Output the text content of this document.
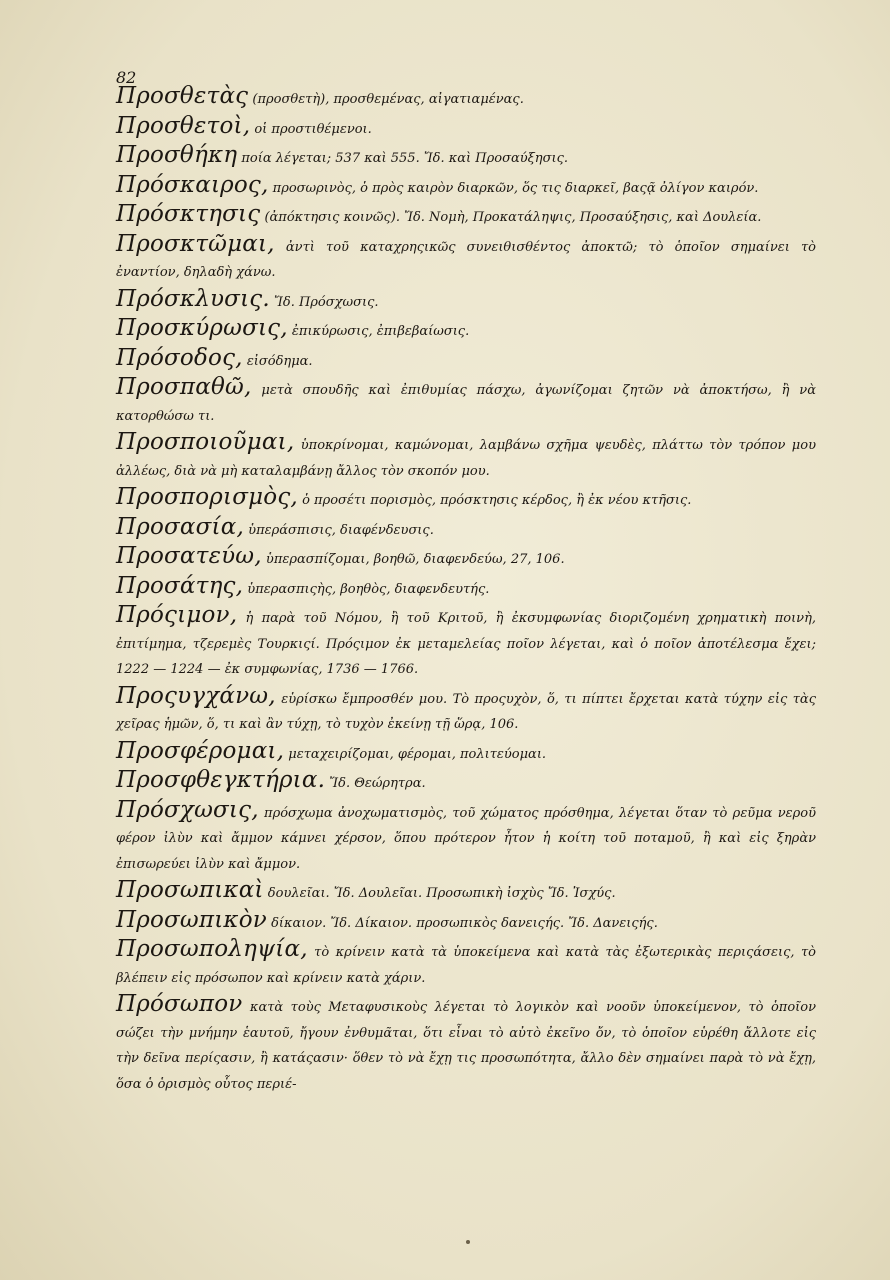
82

Προσθετὰς (προσθετὴ), προσθεμένας, αἰγατιαμένας.

Προσθετοὶ, οἱ προστιθέμενοι.

Προσθήκη ποία λέγεται; 537 καὶ 555. Ἴδ. καὶ Προσαύξησις.

Πρόσκαιρος, προσωρινὸς, ὁ πρὸς καιρὸν διαρκῶν, ὅς τις διαρκεῖ, βαςᾷ ὀλίγον καιρόν.

Πρόσκτησις (ἀπόκτησις κοινῶς). Ἴδ. Νομὴ, Προκατάληψις, Προσαύξησις, καὶ Δουλεία.

Προσκτῶμαι, ἀντὶ τοῦ καταχρηςικῶς συνειθισθέντος ἀποκτῶ; τὸ ὁποῖον σημαίνει τὸ ἐναντίον, δηλαδὴ χάνω.

Πρόσκλυσις. Ἴδ. Πρόσχωσις.

Προσκύρωσις, ἐπικύρωσις, ἐπιβεβαίωσις.

Πρόσοδος, εἰσόδημα.

Προσπαθῶ, μετὰ σπουδῆς καὶ ἐπιθυμίας πάσχω, ἀγωνίζομαι ζητῶν νὰ ἀποκτήσω, ἢ νὰ κατορθώσω τι.

Προσποιοῦμαι, ὑποκρίνομαι, καμώνομαι, λαμβάνω σχῆμα ψευδὲς, πλάττω τὸν τρόπον μου ἀλλέως, διὰ νὰ μὴ καταλαμβάνῃ ἄλλος τὸν σκοπόν μου.

Προσπορισμὸς, ὁ προσέτι πορισμὸς, πρόσκτησις κέρδος, ἢ ἐκ νέου κτῆσις.

Προσασία, ὑπεράσπισις, διαφένδευσις.

Προσατεύω, ὑπερασπίζομαι, βοηθῶ, διαφενδεύω, 27, 106.

Προσάτης, ὑπερασπιςὴς, βοηθὸς, διαφενδευτής.

Πρόςιμον, ἡ παρὰ τοῦ Νόμου, ἢ τοῦ Κριτοῦ, ἢ ἐκσυμφωνίας διοριζομένη χρηματικὴ ποινὴ, ἐπιτίμημα, τζερεμὲς Τουρκιςί. Πρόςιμον ἐκ μεταμελείας ποῖον λέγεται, καὶ ὁ ποῖον ἀποτέλεσμα ἔχει; 1222 — 1224 — ἐκ συμφωνίας, 1736 — 1766.

Προςυγχάνω, εὑρίσκω ἔμπροσθέν μου. Τὸ προςυχὸν, ὅ, τι πίπτει ἔρχεται κατὰ τύχην εἰς τὰς χεῖρας ἡμῶν, ὅ, τι καὶ ἂν τύχῃ, τὸ τυχὸν ἐκείνῃ τῇ ὥρᾳ, 106.

Προσφέρομαι, μεταχειρίζομαι, φέρομαι, πολιτεύομαι.

Προσφθεγκτήρια. Ἴδ. Θεώρητρα.

Πρόσχωσις, πρόσχωμα ἀνοχωματισμὸς, τοῦ χώματος πρόσθημα, λέγεται ὅταν τὸ ρεῦμα νεροῦ φέρον ἰλὺν καὶ ἄμμον κάμνει χέρσον, ὅπου πρότερον ἦτον ἡ κοίτη τοῦ ποταμοῦ, ἢ καὶ εἰς ξηρὰν ἐπισωρεύει ἰλὺν καὶ ἄμμον.

Προσωπικαὶ δουλεῖαι. Ἴδ. Δουλεῖαι. Προσωπικὴ ἰσχὺς Ἴδ. Ἰσχύς.

Προσωπικὸν δίκαιον. Ἴδ. Δίκαιον. προσωπικὸς δανειςής. Ἴδ. Δανειςής.

Προσωποληψία, τὸ κρίνειν κατὰ τὰ ὑποκείμενα καὶ κατὰ τὰς ἐξωτερικὰς περιςάσεις, τὸ βλέπειν εἰς πρόσωπον καὶ κρίνειν κατὰ χάριν.

Πρόσωπον κατὰ τοὺς Μεταφυσικοὺς λέγεται τὸ λογικὸν καὶ νοοῦν ὑποκείμενον, τὸ ὁποῖον σώζει τὴν μνήμην ἑαυτοῦ, ἤγουν ἐνθυμᾶται, ὅτι εἶναι τὸ αὐτὸ ἐκεῖνο ὄν, τὸ ὁποῖον εὑρέθη ἄλλοτε εἰς τὴν δεῖνα περίςασιν, ἢ κατάςασιν· ὅθεν τὸ νὰ ἔχῃ τις προσωπότητα, ἄλλο δὲν σημαίνει παρὰ τὸ νὰ ἔχῃ, ὅσα ὁ ὁρισμὸς οὗτος περιέ-
